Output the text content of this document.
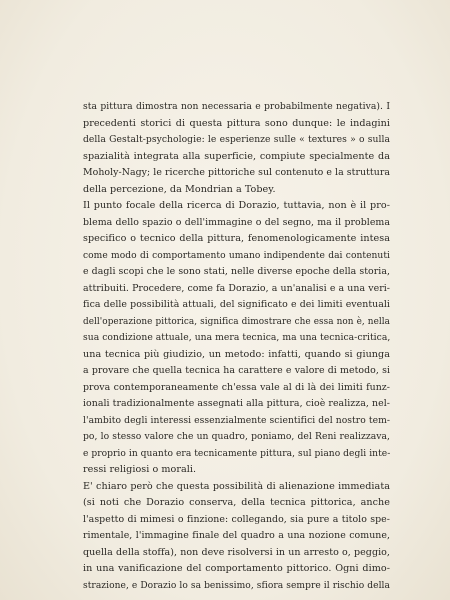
sta pittura dimostra non necessaria e probabilmente negativa). I
precedenti storici di questa pittura sono dunque: le indagini
della Gestalt-psychologie: le esperienze sulle « textures » o sulla
spazialità integrata alla superficie, compiute specialmente da
Moholy-Nagy; le ricerche pittoriche sul contenuto e la struttura
della percezione, da Mondrian a Tobey.
Il punto focale della ricerca di Dorazio, tuttavia, non è il pro-
blema dello spazio o dell'immagine o del segno, ma il problema
specifico o tecnico della pittura, fenomenologicamente intesa
come modo di comportamento umano indipendente dai contenuti
e dagli scopi che le sono stati, nelle diverse epoche della storia,
attribuiti. Procedere, come fa Dorazio, a un'analisi e a una veri-
fica delle possibilità attuali, del significato e dei limiti eventuali
dell'operazione pittorica, significa dimostrare che essa non è, nella
sua condizione attuale, una mera tecnica, ma una tecnica-critica,
una tecnica più giudizio, un metodo: infatti, quando si giunga
a provare che quella tecnica ha carattere e valore di metodo, si
prova contemporaneamente ch'essa vale al di là dei limiti funz-
ionali tradizionalmente assegnati alla pittura, cioè realizza, nel-
l'ambito degli interessi essenzialmente scientifici del nostro tem-
po, lo stesso valore che un quadro, poniamo, del Reni realizzava,
e proprio in quanto era tecnicamente pittura, sul piano degli inte-
ressi religiosi o morali.
E' chiaro però che questa possibilità di alienazione immediata
(si noti che Dorazio conserva, della tecnica pittorica, anche
l'aspetto di mimesi o finzione: collegando, sia pure a titolo spe-
rimentale, l'immagine finale del quadro a una nozione comune,
quella della stoffa), non deve risolversi in un arresto o, peggio,
in una vanificazione del comportamento pittorico. Ogni dimo-
strazione, e Dorazio lo sa benissimo, sfiora sempre il rischio della
